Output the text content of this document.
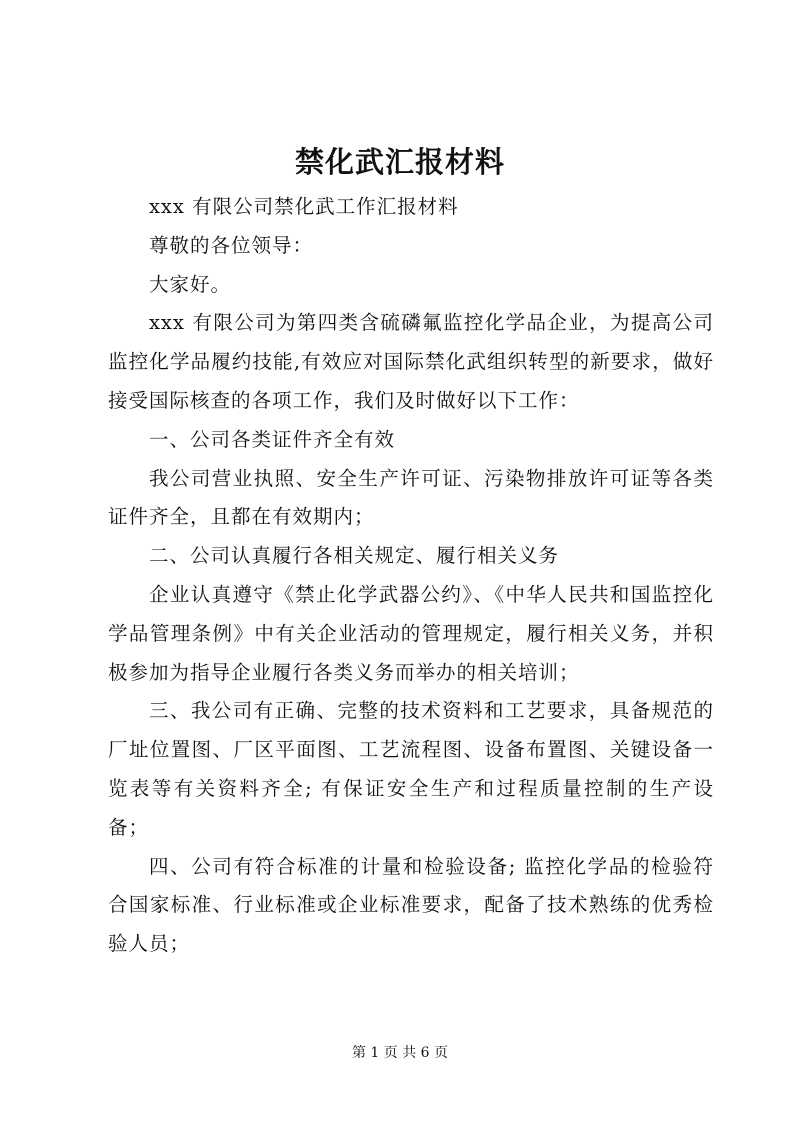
禁化武汇报材料

xxx 有限公司禁化武工作汇报材料

尊敬的各位领导：

大家好。

xxx 有限公司为第四类含硫磷氟监控化学品企业，为提高公司监控化学品履约技能,有效应对国际禁化武组织转型的新要求，做好接受国际核查的各项工作，我们及时做好以下工作：

一、公司各类证件齐全有效

我公司营业执照、安全生产许可证、污染物排放许可证等各类证件齐全，且都在有效期内；

二、公司认真履行各相关规定、履行相关义务

企业认真遵守《禁止化学武器公约》、《中华人民共和国监控化学品管理条例》中有关企业活动的管理规定，履行相关义务，并积极参加为指导企业履行各类义务而举办的相关培训；

三、我公司有正确、完整的技术资料和工艺要求，具备规范的厂址位置图、厂区平面图、工艺流程图、设备布置图、关键设备一览表等有关资料齐全; 有保证安全生产和过程质量控制的生产设备；

四、公司有符合标准的计量和检验设备; 监控化学品的检验符合国家标准、行业标准或企业标准要求，配备了技术熟练的优秀检验人员；

第 1 页 共 6 页
